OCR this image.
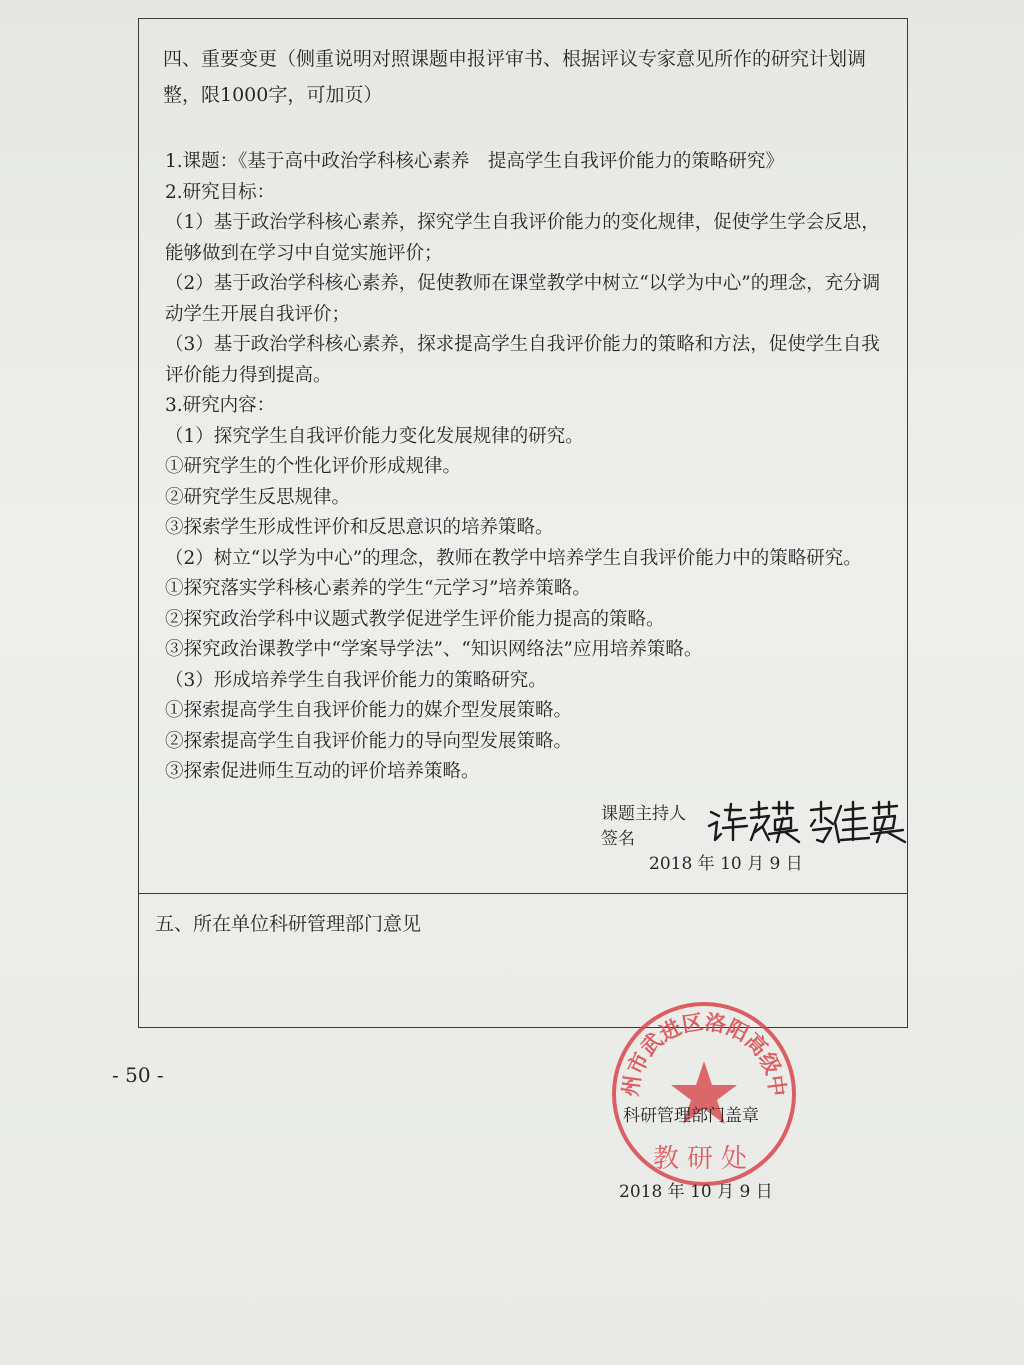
四、重要变更（侧重说明对照课题申报评审书、根据评议专家意见所作的研究计划调整，限1000字，可加页）
1.课题：《基于高中政治学科核心素养　提高学生自我评价能力的策略研究》
2.研究目标：
（1）基于政治学科核心素养，探究学生自我评价能力的变化规律，促使学生学会反思，能够做到在学习中自觉实施评价；
（2）基于政治学科核心素养，促使教师在课堂教学中树立“以学为中心”的理念，充分调动学生开展自我评价；
（3）基于政治学科核心素养，探求提高学生自我评价能力的策略和方法，促使学生自我评价能力得到提高。
3.研究内容：
（1）探究学生自我评价能力变化发展规律的研究。
①研究学生的个性化评价形成规律。
②研究学生反思规律。
③探索学生形成性评价和反思意识的培养策略。
（2）树立“以学为中心”的理念，教师在教学中培养学生自我评价能力中的策略研究。
①探究落实学科核心素养的学生“元学习”培养策略。
②探究政治学科中议题式教学促进学生评价能力提高的策略。
③探究政治课教学中“学案导学法”、“知识网络法”应用培养策略。
（3）形成培养学生自我评价能力的策略研究。
①探索提高学生自我评价能力的媒介型发展策略。
②探索提高学生自我评价能力的导向型发展策略。
③探索促进师生互动的评价培养策略。
课题主持人签名
2018 年 10 月 9 日
五、所在单位科研管理部门意见
州市武进区洛阳高级中
教研处
科研管理部门盖章
2018 年 10 月 9 日
- 50 -
